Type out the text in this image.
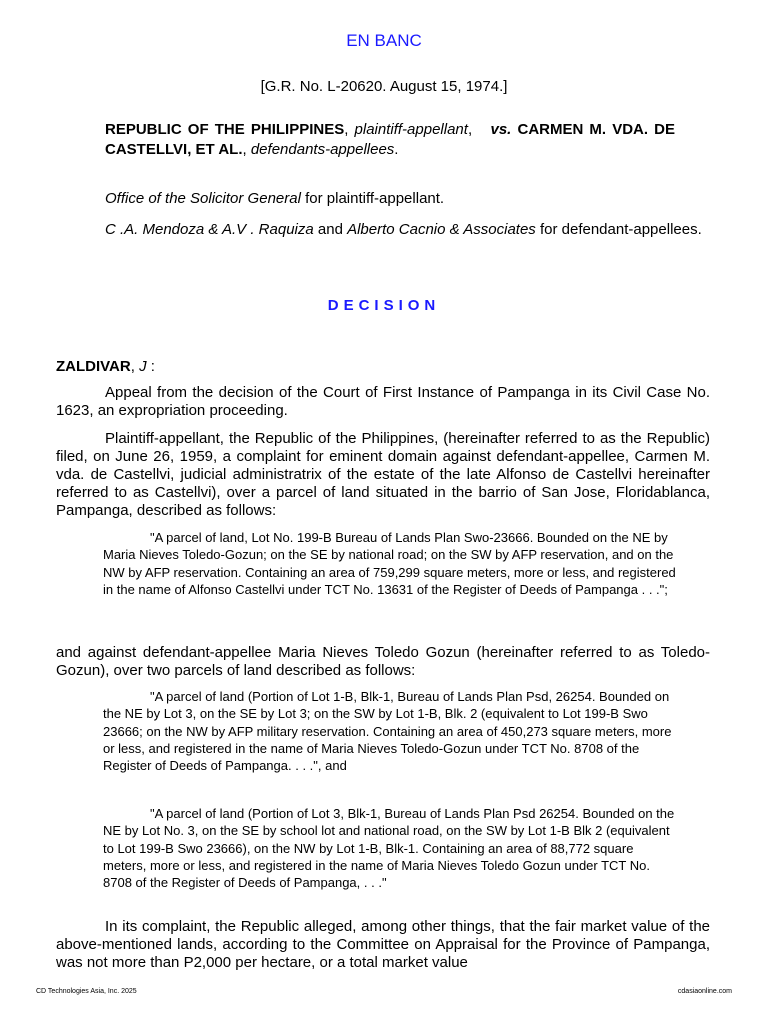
EN BANC
[G.R. No. L-20620. August 15, 1974.]
REPUBLIC OF THE PHILIPPINES, plaintiff-appellant,   vs. CARMEN M. VDA. DE CASTELLVI, ET AL., defendants-appellees.
Office of the Solicitor General for plaintiff-appellant.
C .A. Mendoza & A.V . Raquiza and Alberto Cacnio & Associates for defendant-appellees.
DECISION
ZALDIVAR, J :

Appeal from the decision of the Court of First Instance of Pampanga in its Civil Case No. 1623, an expropriation proceeding.

Plaintiff-appellant, the Republic of the Philippines, (hereinafter referred to as the Republic) filed, on June 26, 1959, a complaint for eminent domain against defendant-appellee, Carmen M. vda. de Castellvi, judicial administratrix of the estate of the late Alfonso de Castellvi hereinafter referred to as Castellvi), over a parcel of land situated in the barrio of San Jose, Floridablanca, Pampanga, described as follows:

"A parcel of land, Lot No. 199-B Bureau of Lands Plan Swo-23666. Bounded on the NE by Maria Nieves Toledo-Gozun; on the SE by national road; on the SW by AFP reservation, and on the NW by AFP reservation. Containing an area of 759,299 square meters, more or less, and registered in the name of Alfonso Castellvi under TCT No. 13631 of the Register of Deeds of Pampanga . . .";

and against defendant-appellee Maria Nieves Toledo Gozun (hereinafter referred to as Toledo-Gozun), over two parcels of land described as follows:

"A parcel of land (Portion of Lot 1-B, Blk-1, Bureau of Lands Plan Psd, 26254. Bounded on the NE by Lot 3, on the SE by Lot 3; on the SW by Lot 1-B, Blk. 2 (equivalent to Lot 199-B Swo 23666; on the NW by AFP military reservation. Containing an area of 450,273 square meters, more or less, and registered in the name of Maria Nieves Toledo-Gozun under TCT No. 8708 of the Register of Deeds of Pampanga. . . .", and

"A parcel of land (Portion of Lot 3, Blk-1, Bureau of Lands Plan Psd 26254. Bounded on the NE by Lot No. 3, on the SE by school lot and national road, on the SW by Lot 1-B Blk 2 (equivalent to Lot 199-B Swo 23666), on the NW by Lot 1-B, Blk-1. Containing an area of 88,772 square meters, more or less, and registered in the name of Maria Nieves Toledo Gozun under TCT No. 8708 of the Register of Deeds of Pampanga, . . ."

In its complaint, the Republic alleged, among other things, that the fair market value of the above-mentioned lands, according to the Committee on Appraisal for the Province of Pampanga, was not more than P2,000 per hectare, or a total market value

CD Technologies Asia, Inc. 2025	cdasiaonline.com
